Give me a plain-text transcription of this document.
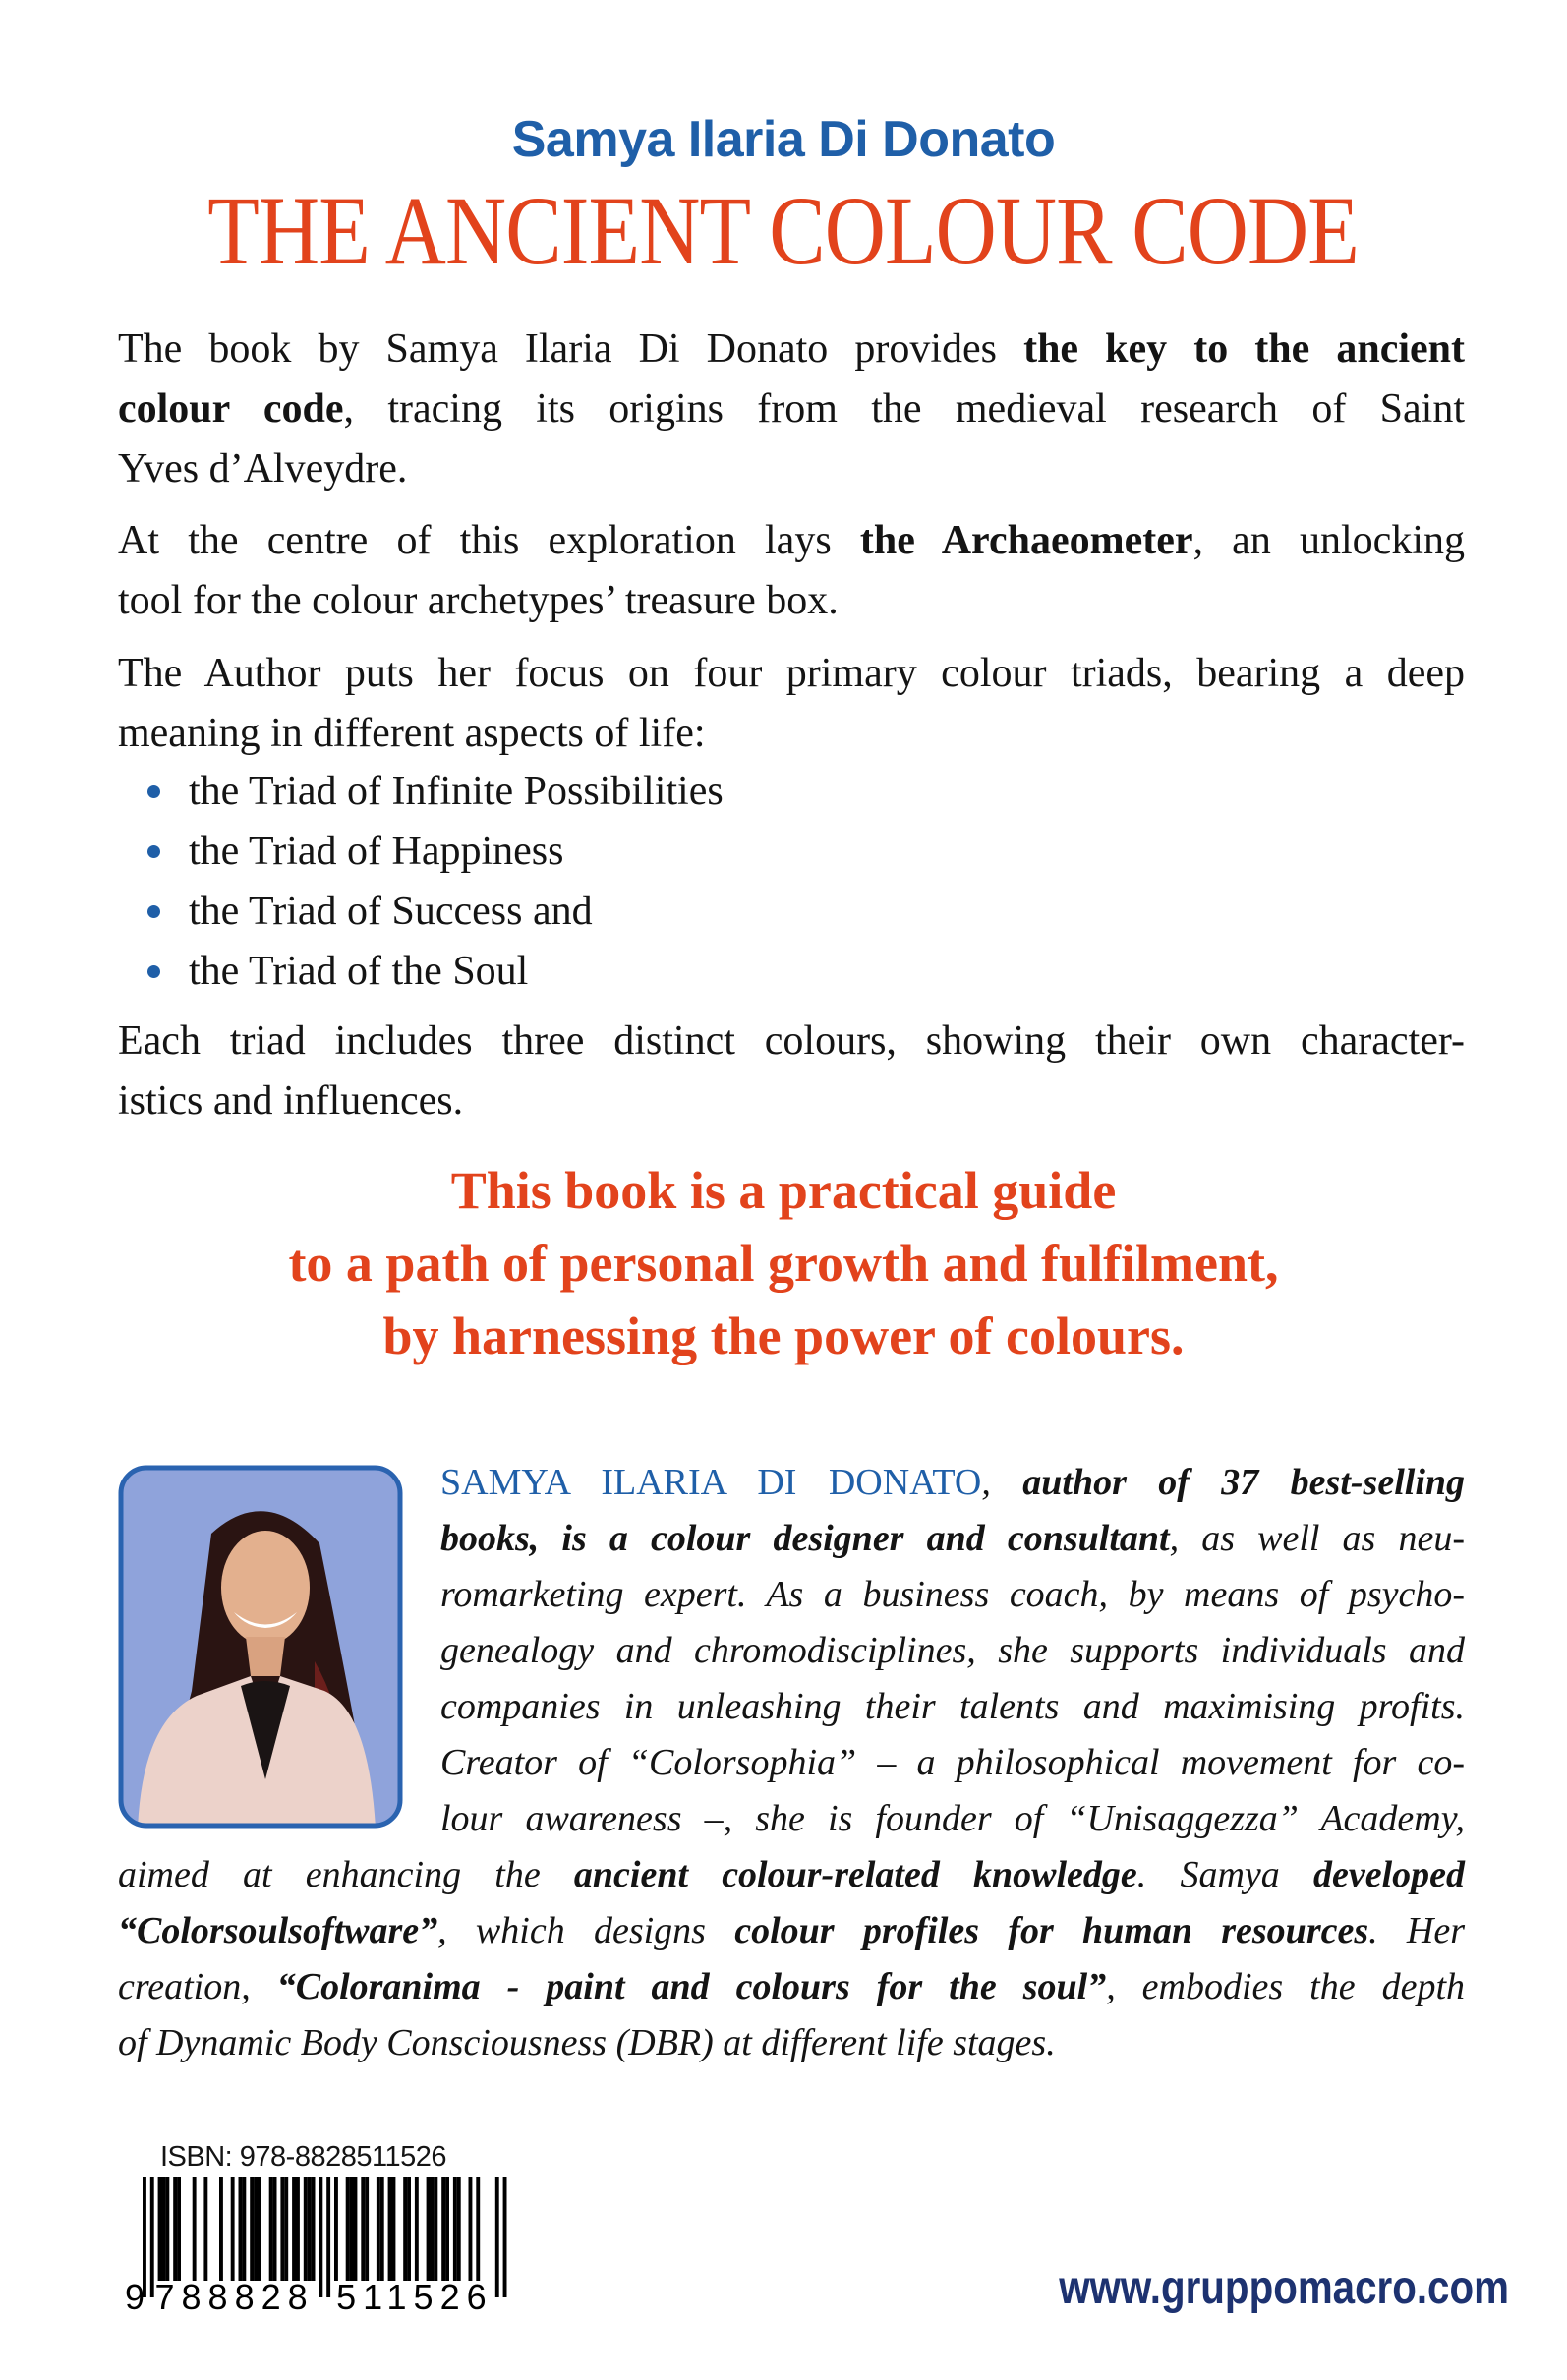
Samya Ilaria Di Donato
THE ANCIENT COLOUR CODE
The book by Samya Ilaria Di Donato provides the key to the ancient
colour code, tracing its origins from the medieval research of Saint
Yves d’Alveydre.
At the centre of this exploration lays the Archaeometer, an unlocking
tool for the colour archetypes’ treasure box.
The Author puts her focus on four primary colour triads, bearing a deep
meaning in different aspects of life:
the Triad of Infinite Possibilities
the Triad of Happiness
the Triad of Success and
the Triad of the Soul
Each triad includes three distinct colours, showing their own character-
istics and influences.
This book is a practical guide
to a path of personal growth and fulfilment,
by harnessing the power of colours.
SAMYA ILARIA DI DONATO, author of 37 best-selling
books, is a colour designer and consultant, as well as neu-
romarketing expert. As a business coach, by means of psycho-
genealogy and chromodisciplines, she supports individuals and
companies in unleashing their talents and maximising profits.
Creator of “Colorsophia” – a philosophical movement for co-
lour awareness –, she is founder of “Unisaggezza” Academy,
aimed at enhancing the ancient colour-related knowledge. Samya developed
“Colorsoulsoftware”, which designs colour profiles for human resources. Her
creation, “Coloranima - paint and colours for the soul”, embodies the depth
of Dynamic Body Consciousness (DBR) at different life stages.
ISBN: 978-8828511526
9 788828 511526	www.gruppomacro.com
